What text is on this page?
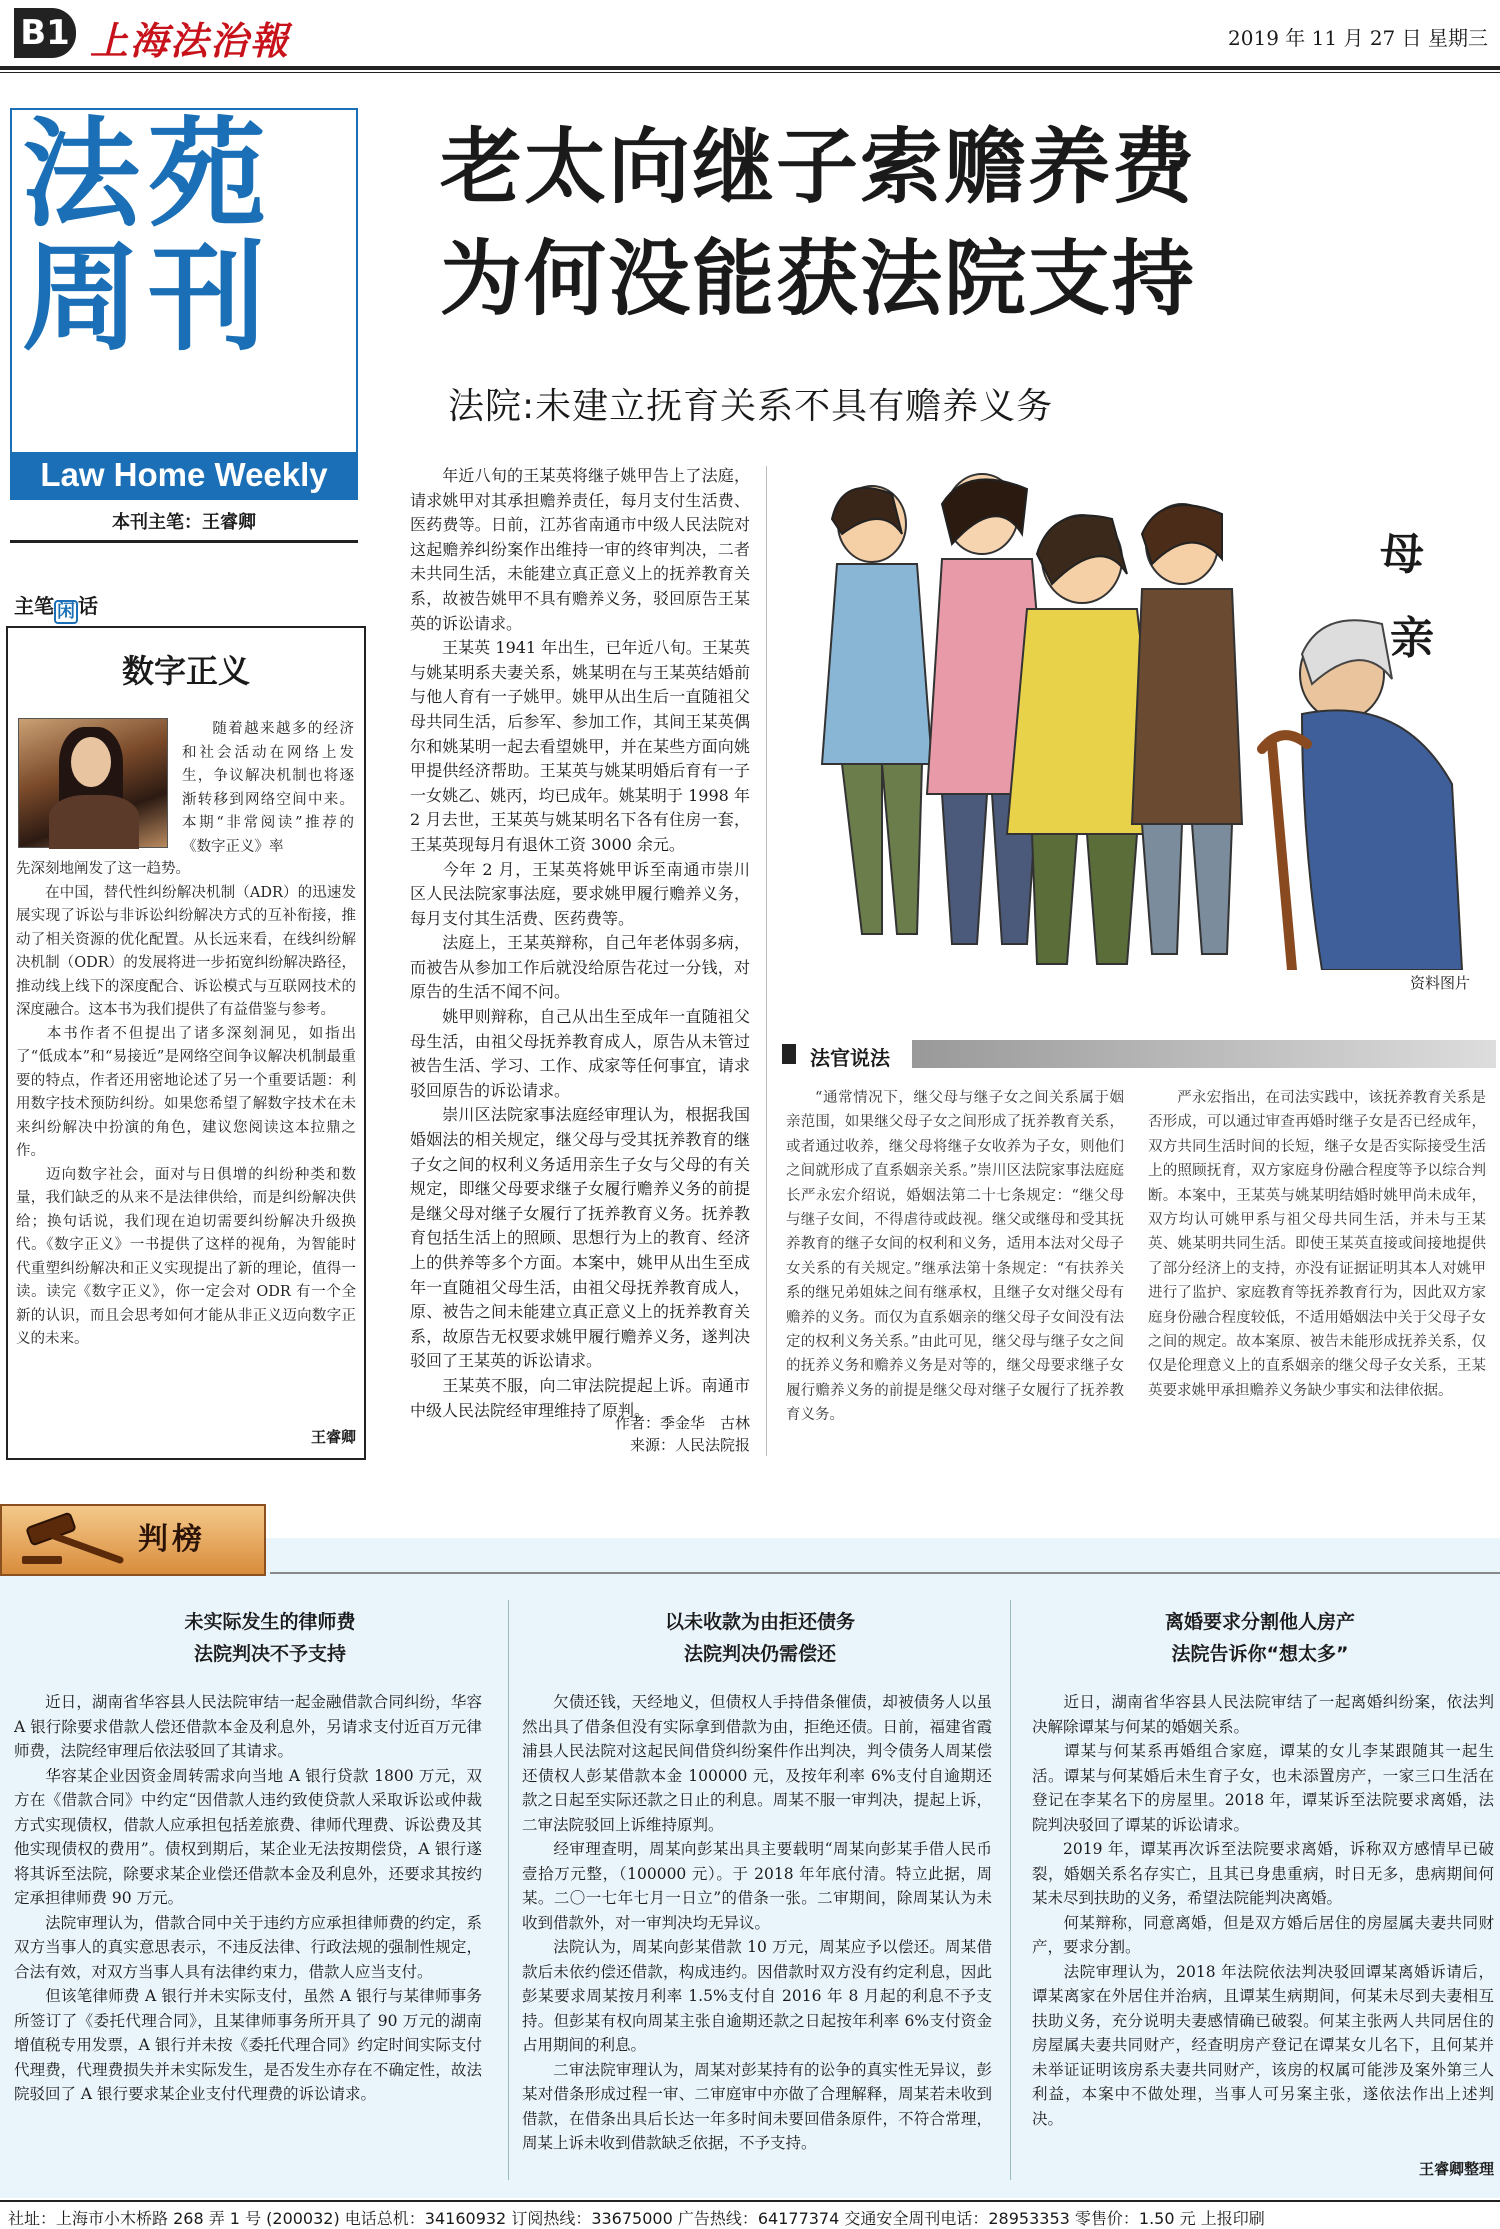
B1 上海法治報	2019 年 11 月 27 日 星期三
法苑
周刊
Law Home Weekly
本刊主笔：王睿卿
老太向继子索赡养费
为何没能获法院支持
法院:未建立抚育关系不具有赡养义务
主笔 闲 话
数字正义

随着越来越多的经济和社会活动在网络上发生，争议解决机制也将逐渐转移到网络空间中来。本期“非常阅读”推荐的《数字正义》率

先深刻地阐发了这一趋势。

在中国，替代性纠纷解决机制（ADR）的迅速发展实现了诉讼与非诉讼纠纷解决方式的互补衔接，推动了相关资源的优化配置。从长远来看，在线纠纷解决机制（ODR）的发展将进一步拓宽纠纷解决路径，推动线上线下的深度配合、诉讼模式与互联网技术的深度融合。这本书为我们提供了有益借鉴与参考。

本书作者不但提出了诸多深刻洞见，如指出了“低成本”和“易接近”是网络空间争议解决机制最重要的特点，作者还用密地论述了另一个重要话题：利用数字技术预防纠纷。如果您希望了解数字技术在未来纠纷解决中扮演的角色，建议您阅读这本拉鼎之作。

迈向数字社会，面对与日俱增的纠纷种类和数量，我们缺乏的从来不是法律供给，而是纠纷解决供给；换句话说，我们现在迫切需要纠纷解决升级换代。《数字正义》一书提供了这样的视角，为智能时代重塑纠纷解决和正义实现提出了新的理论，值得一读。读完《数字正义》，你一定会对 ODR 有一个全新的认识，而且会思考如何才能从非正义迈向数字正义的未来。

王睿卿

年近八旬的王某英将继子姚甲告上了法庭，请求姚甲对其承担赡养责任，每月支付生活费、医药费等。日前，江苏省南通市中级人民法院对这起赡养纠纷案作出维持一审的终审判决，二者未共同生活，未能建立真正意义上的抚养教育关系，故被告姚甲不具有赡养义务，驳回原告王某英的诉讼请求。

王某英 1941 年出生，已年近八旬。王某英与姚某明系夫妻关系，姚某明在与王某英结婚前与他人育有一子姚甲。姚甲从出生后一直随祖父母共同生活，后参军、参加工作，其间王某英偶尔和姚某明一起去看望姚甲，并在某些方面向姚甲提供经济帮助。王某英与姚某明婚后育有一子一女姚乙、姚丙，均已成年。姚某明于 1998 年 2 月去世，王某英与姚某明名下各有住房一套，王某英现每月有退休工资 3000 余元。

今年 2 月，王某英将姚甲诉至南通市崇川区人民法院家事法庭，要求姚甲履行赡养义务，每月支付其生活费、医药费等。

法庭上，王某英辩称，自己年老体弱多病，而被告从参加工作后就没给原告花过一分钱，对原告的生活不闻不问。

姚甲则辩称，自己从出生至成年一直随祖父母生活，由祖父母抚养教育成人，原告从未管过被告生活、学习、工作、成家等任何事宜，请求驳回原告的诉讼请求。

崇川区法院家事法庭经审理认为，根据我国婚姻法的相关规定，继父母与受其抚养教育的继子女之间的权利义务适用亲生子女与父母的有关规定，即继父母要求继子女履行赡养义务的前提是继父母对继子女履行了抚养教育义务。抚养教育包括生活上的照顾、思想行为上的教育、经济上的供养等多个方面。本案中，姚甲从出生至成年一直随祖父母生活，由祖父母抚养教育成人，原、被告之间未能建立真正意义上的抚养教育关系，故原告无权要求姚甲履行赡养义务，遂判决驳回了王某英的诉讼请求。

王某英不服，向二审法院提起上诉。南通市中级人民法院经审理维持了原判。

作者：季金华　古林
来源：人民法院报
母
亲
资料图片
法官说法

“通常情况下，继父母与继子女之间关系属于姻亲范围，如果继父母子女之间形成了抚养教育关系，或者通过收养，继父母将继子女收养为子女，则他们之间就形成了直系姻亲关系。”崇川区法院家事法庭庭长严永宏介绍说，婚姻法第二十七条规定：“继父母与继子女间，不得虐待或歧视。继父或继母和受其抚养教育的继子女间的权利和义务，适用本法对父母子女关系的有关规定。”继承法第十条规定：“有扶养关系的继兄弟姐妹之间有继承权，且继子女对继父母有赡养的义务。而仅为直系姻亲的继父母子女间没有法定的权利义务关系。”由此可见，继父母与继子女之间的抚养义务和赡养义务是对等的，继父母要求继子女履行赡养义务的前提是继父母对继子女履行了抚养教育义务。

严永宏指出，在司法实践中，该抚养教育关系是否形成，可以通过审查再婚时继子女是否已经成年，双方共同生活时间的长短，继子女是否实际接受生活上的照顾抚育，双方家庭身份融合程度等予以综合判断。本案中，王某英与姚某明结婚时姚甲尚未成年，双方均认可姚甲系与祖父母共同生活，并未与王某英、姚某明共同生活。即使王某英直接或间接地提供了部分经济上的支持，亦没有证据证明其本人对姚甲进行了监护、家庭教育等抚养教育行为，因此双方家庭身份融合程度较低，不适用婚姻法中关于父母子女之间的规定。故本案原、被告未能形成抚养关系，仅仅是伦理意义上的直系姻亲的继父母子女关系，王某英要求姚甲承担赡养义务缺少事实和法律依据。

判榜
未实际发生的律师费
法院判决不予支持

近日，湖南省华容县人民法院审结一起金融借款合同纠纷，华容 A 银行除要求借款人偿还借款本金及利息外，另请求支付近百万元律师费，法院经审理后依法驳回了其请求。

华容某企业因资金周转需求向当地 A 银行贷款 1800 万元，双方在《借款合同》中约定“因借款人违约致使贷款人采取诉讼或仲裁方式实现债权，借款人应承担包括差旅费、律师代理费、诉讼费及其他实现债权的费用”。债权到期后，某企业无法按期偿贷，A 银行遂将其诉至法院，除要求某企业偿还借款本金及利息外，还要求其按约定承担律师费 90 万元。

法院审理认为，借款合同中关于违约方应承担律师费的约定，系双方当事人的真实意思表示，不违反法律、行政法规的强制性规定，合法有效，对双方当事人具有法律约束力，借款人应当支付。

但该笔律师费 A 银行并未实际支付，虽然 A 银行与某律师事务所签订了《委托代理合同》，且某律师事务所开具了 90 万元的湖南增值税专用发票，A 银行并未按《委托代理合同》约定时间实际支付代理费，代理费损失并未实际发生，是否发生亦存在不确定性，故法院驳回了 A 银行要求某企业支付代理费的诉讼请求。

以未收款为由拒还债务
法院判决仍需偿还

欠债还钱，天经地义，但债权人手持借条催债，却被债务人以虽然出具了借条但没有实际拿到借款为由，拒绝还债。日前，福建省霞浦县人民法院对这起民间借贷纠纷案件作出判决，判令债务人周某偿还债权人彭某借款本金 100000 元，及按年利率 6%支付自逾期还款之日起至实际还款之日止的利息。周某不服一审判决，提起上诉，二审法院驳回上诉维持原判。

经审理查明，周某向彭某出具主要载明“周某向彭某手借人民币壹拾万元整，（100000 元）。于 2018 年年底付清。特立此据，周某。二〇一七年七月一日立”的借条一张。二审期间，除周某认为未收到借款外，对一审判决均无异议。

法院认为，周某向彭某借款 10 万元，周某应予以偿还。周某借款后未依约偿还借款，构成违约。因借款时双方没有约定利息，因此彭某要求周某按月利率 1.5%支付自 2016 年 8 月起的利息不予支持。但彭某有权向周某主张自逾期还款之日起按年利率 6%支付资金占用期间的利息。

二审法院审理认为，周某对彭某持有的讼争的真实性无异议，彭某对借条形成过程一审、二审庭审中亦做了合理解释，周某若未收到借款，在借条出具后长达一年多时间未要回借条原件，不符合常理，周某上诉未收到借款缺乏依据，不予支持。

离婚要求分割他人房产
法院告诉你“想太多”

近日，湖南省华容县人民法院审结了一起离婚纠纷案，依法判决解除谭某与何某的婚姻关系。

谭某与何某系再婚组合家庭，谭某的女儿李某跟随其一起生活。谭某与何某婚后未生育子女，也未添置房产，一家三口生活在登记在李某名下的房屋里。2018 年，谭某诉至法院要求离婚，法院判决驳回了谭某的诉讼请求。

2019 年，谭某再次诉至法院要求离婚，诉称双方感情早已破裂，婚姻关系名存实亡，且其已身患重病，时日无多，患病期间何某未尽到扶助的义务，希望法院能判决离婚。

何某辩称，同意离婚，但是双方婚后居住的房屋属夫妻共同财产，要求分割。

法院审理认为，2018 年法院依法判决驳回谭某离婚诉请后，谭某离家在外居住并治病，且谭某生病期间，何某未尽到夫妻相互扶助义务，充分说明夫妻感情确已破裂。何某主张两人共同居住的房屋属夫妻共同财产，经查明房产登记在谭某女儿名下，且何某并未举证证明该房系夫妻共同财产，该房的权属可能涉及案外第三人利益，本案中不做处理，当事人可另案主张，遂依法作出上述判决。

王睿卿整理
社址：上海市小木桥路 268 弄 1 号 (200032) 电话总机：34160932 订阅热线：33675000 广告热线：64177374 交通安全周刊电话：28953353 零售价：1.50 元 上报印刷
